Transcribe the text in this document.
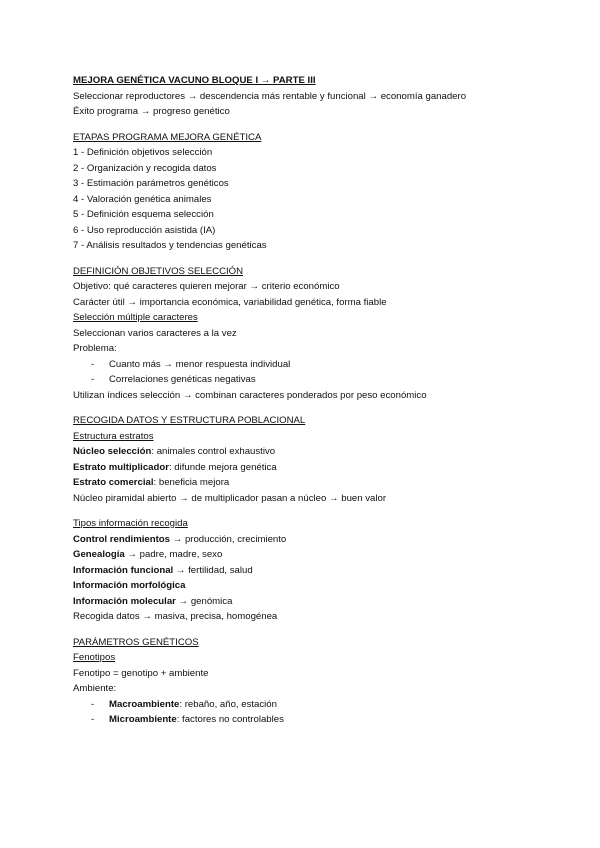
MEJORA GENÉTICA VACUNO BLOQUE I → PARTE III
Seleccionar reproductores → descendencia más rentable y funcional → economía ganadero
Éxito programa → progreso genético
ETAPAS PROGRAMA MEJORA GENÉTICA
1 - Definición objetivos selección
2 - Organización y recogida datos
3 - Estimación parámetros genéticos
4 - Valoración genética animales
5 - Definición esquema selección
6 - Uso reproducción asistida (IA)
7 - Análisis resultados y tendencias genéticas
DEFINICIÓN OBJETIVOS SELECCIÓN
Objetivo: qué caracteres quieren mejorar → criterio económico
Carácter útil → importancia económica, variabilidad genética, forma fiable
Selección múltiple caracteres
Seleccionan varios caracteres a la vez
Problema:
- Cuanto más → menor respuesta individual
- Correlaciones genéticas negativas
Utilizan índices selección → combinan caracteres ponderados por peso económico
RECOGIDA DATOS Y ESTRUCTURA POBLACIONAL
Estructura estratos
Núcleo selección: animales control exhaustivo
Estrato multiplicador: difunde mejora genética
Estrato comercial: beneficia mejora
Núcleo piramidal abierto → de multiplicador pasan a núcleo → buen valor
Tipos información recogida
Control rendimientos → producción, crecimiento
Genealogía → padre, madre, sexo
Información funcional → fertilidad, salud
Información morfológica
Información molecular → genómica
Recogida datos → masiva, precisa, homogénea
PARÁMETROS GENÉTICOS
Fenotipos
Fenotipo = genotipo + ambiente
Ambiente:
- Macroambiente: rebaño, año, estación
- Microambiente: factores no controlables
